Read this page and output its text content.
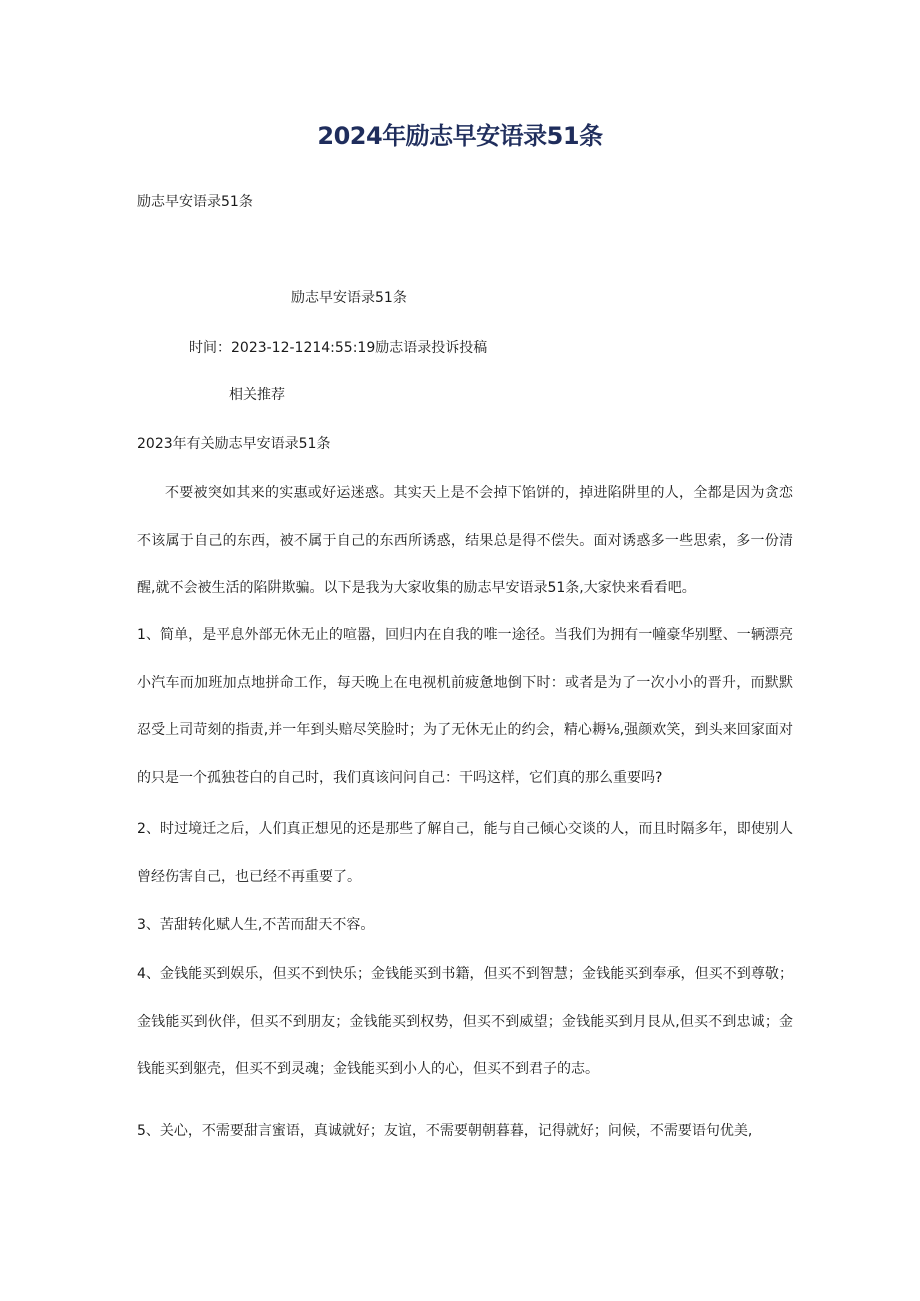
2024年励志早安语录51条
励志早安语录51条
励志早安语录51条
时间：2023-12-1214:55:19励志语录投诉投稿
相关推荐
2023年有关励志早安语录51条
不要被突如其来的实惠或好运迷惑。其实天上是不会掉下馅饼的，掉进陷阱里的人，全都是因为贪恋不该属于自己的东西，被不属于自己的东西所诱惑，结果总是得不偿失。面对诱惑多一些思索，多一份清醒,就不会被生活的陷阱欺骗。以下是我为大家收集的励志早安语录51条,大家快来看看吧。
1、简单，是平息外部无休无止的喧嚣，回归内在自我的唯一途径。当我们为拥有一幢豪华别墅、一辆漂亮小汽车而加班加点地拼命工作，每天晚上在电视机前疲惫地倒下时：或者是为了一次小小的晋升，而默默忍受上司苛刻的指责,并一年到头赔尽笑脸时；为了无休无止的约会，精心耨⅛,强颜欢笑，到头来回家面对的只是一个孤独苍白的自己时，我们真该问问自己：干吗这样，它们真的那么重要吗?
2、时过境迁之后，人们真正想见的还是那些了解自己，能与自己倾心交谈的人，而且时隔多年，即使别人曾经伤害自己，也已经不再重要了。
3、苦甜转化赋人生,不苦而甜天不容。
4、金钱能买到娱乐，但买不到快乐；金钱能买到书籍，但买不到智慧；金钱能买到奉承，但买不到尊敬；金钱能买到伙伴，但买不到朋友；金钱能买到权势，但买不到威望；金钱能买到月艮从,但买不到忠诚；金钱能买到躯壳，但买不到灵魂；金钱能买到小人的心，但买不到君子的志。
5、关心，不需要甜言蜜语，真诚就好；友谊，不需要朝朝暮暮，记得就好；问候，不需要语句优美,
